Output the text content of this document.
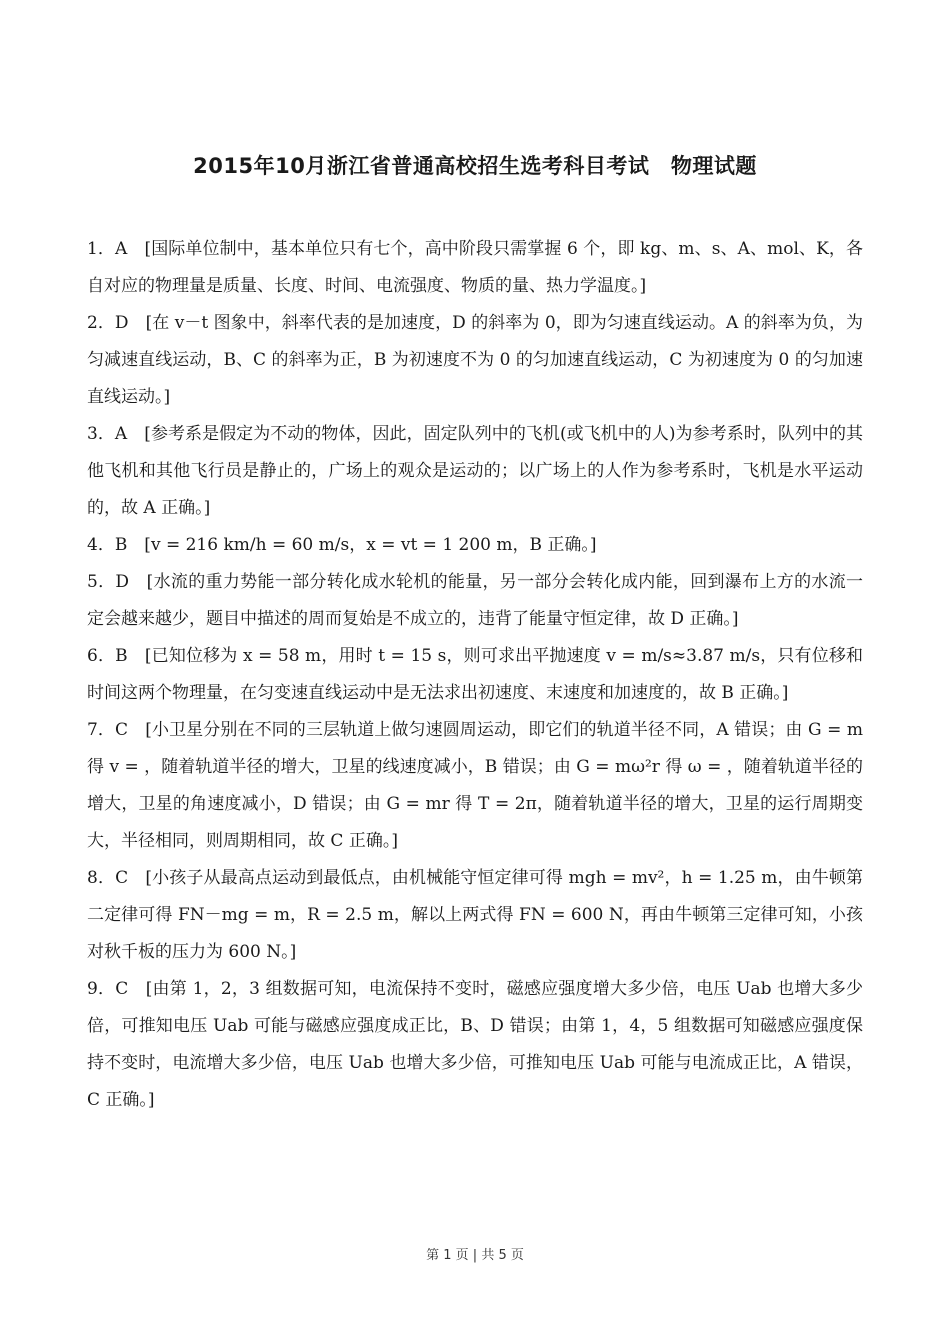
2015年10月浙江省普通高校招生选考科目考试　物理试题

1．A　[国际单位制中，基本单位只有七个，高中阶段只需掌握 6 个，即 kg、m、s、A、mol、K，各自对应的物理量是质量、长度、时间、电流强度、物质的量、热力学温度。]

2．D　[在 v－t 图象中，斜率代表的是加速度，D 的斜率为 0，即为匀速直线运动。A 的斜率为负，为匀减速直线运动，B、C 的斜率为正，B 为初速度不为 0 的匀加速直线运动，C 为初速度为 0 的匀加速直线运动。]

3．A　[参考系是假定为不动的物体，因此，固定队列中的飞机(或飞机中的人)为参考系时，队列中的其他飞机和其他飞行员是静止的，广场上的观众是运动的；以广场上的人作为参考系时，飞机是水平运动的，故 A 正确。]

4．B　[v = 216 km/h = 60 m/s，x = vt = 1 200 m，B 正确。]

5．D　[水流的重力势能一部分转化成水轮机的能量，另一部分会转化成内能，回到瀑布上方的水流一定会越来越少，题目中描述的周而复始是不成立的，违背了能量守恒定律，故 D 正确。]

6．B　[已知位移为 x = 58 m，用时 t = 15 s，则可求出平抛速度 v = m/s≈3.87 m/s，只有位移和时间这两个物理量，在匀变速直线运动中是无法求出初速度、末速度和加速度的，故 B 正确。]

7．C　[小卫星分别在不同的三层轨道上做匀速圆周运动，即它们的轨道半径不同，A 错误；由 G = m 得 v = ，随着轨道半径的增大，卫星的线速度减小，B 错误；由 G = mω²r 得 ω = ，随着轨道半径的增大，卫星的角速度减小，D 错误；由 G = mr 得 T = 2π，随着轨道半径的增大，卫星的运行周期变大，半径相同，则周期相同，故 C 正确。]

8．C　[小孩子从最高点运动到最低点，由机械能守恒定律可得 mgh = mv²，h = 1.25 m，由牛顿第二定律可得 FN－mg = m，R = 2.5 m，解以上两式得 FN = 600 N，再由牛顿第三定律可知，小孩对秋千板的压力为 600 N。]

9．C　[由第 1，2，3 组数据可知，电流保持不变时，磁感应强度增大多少倍，电压 Uab 也增大多少倍，可推知电压 Uab 可能与磁感应强度成正比，B、D 错误；由第 1，4，5 组数据可知磁感应强度保持不变时，电流增大多少倍，电压 Uab 也增大多少倍，可推知电压 Uab 可能与电流成正比，A 错误，C 正确。]

第 1 页 | 共 5 页
